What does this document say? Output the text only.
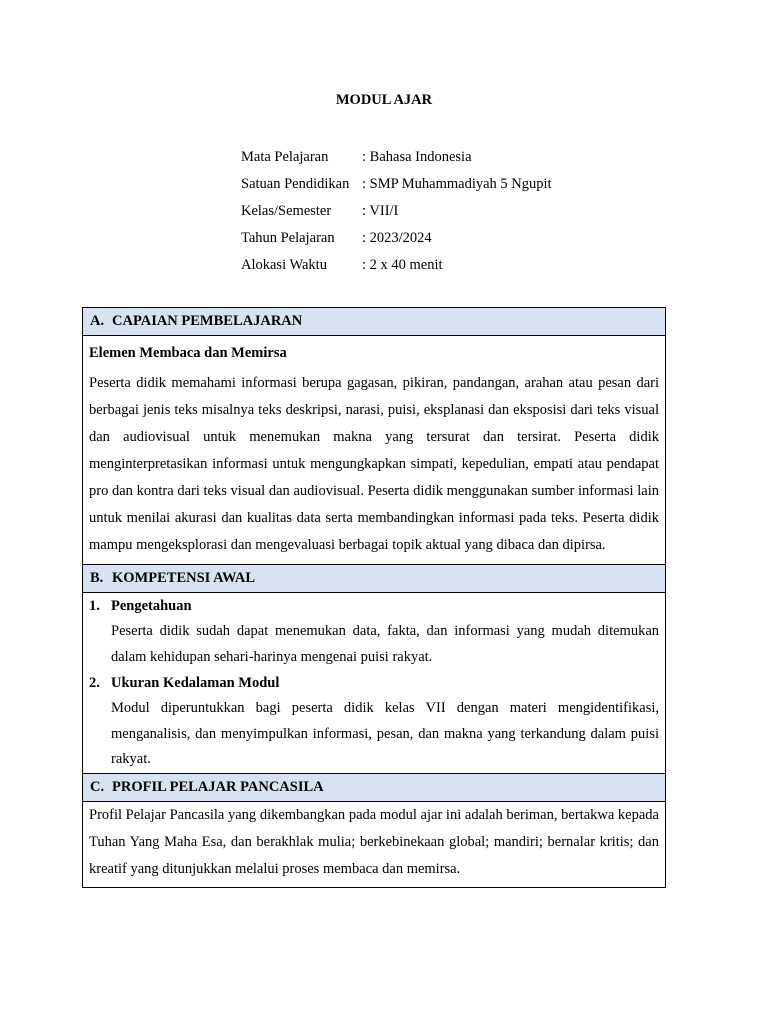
MODUL AJAR
Mata Pelajaran	: Bahasa Indonesia
Satuan Pendidikan	: SMP Muhammadiyah 5 Ngupit
Kelas/Semester	: VII/I
Tahun Pelajaran	: 2023/2024
Alokasi Waktu	: 2 x 40 menit
A. CAPAIAN PEMBELAJARAN
Elemen Membaca dan Memirsa
Peserta didik memahami informasi berupa gagasan, pikiran, pandangan, arahan atau pesan dari berbagai jenis teks misalnya teks deskripsi, narasi, puisi, eksplanasi dan eksposisi dari teks visual dan audiovisual untuk menemukan makna yang tersurat dan tersirat. Peserta didik menginterpretasikan informasi untuk mengungkapkan simpati, kepedulian, empati atau pendapat pro dan kontra dari teks visual dan audiovisual. Peserta didik menggunakan sumber informasi lain untuk menilai akurasi dan kualitas data serta membandingkan informasi pada teks. Peserta didik mampu mengeksplorasi dan mengevaluasi berbagai topik aktual yang dibaca dan dipirsa.
B. KOMPETENSI AWAL
1. Pengetahuan
Peserta didik sudah dapat menemukan data, fakta, dan informasi yang mudah ditemukan dalam kehidupan sehari-harinya mengenai puisi rakyat.
2. Ukuran Kedalaman Modul
Modul diperuntukkan bagi peserta didik kelas VII dengan materi mengidentifikasi, menganalisis, dan menyimpulkan informasi, pesan, dan makna yang terkandung dalam puisi rakyat.
C. PROFIL PELAJAR PANCASILA
Profil Pelajar Pancasila yang dikembangkan pada modul ajar ini adalah beriman, bertakwa kepada Tuhan Yang Maha Esa, dan berakhlak mulia; berkebinekaan global; mandiri; bernalar kritis; dan kreatif yang ditunjukkan melalui proses membaca dan memirsa.
